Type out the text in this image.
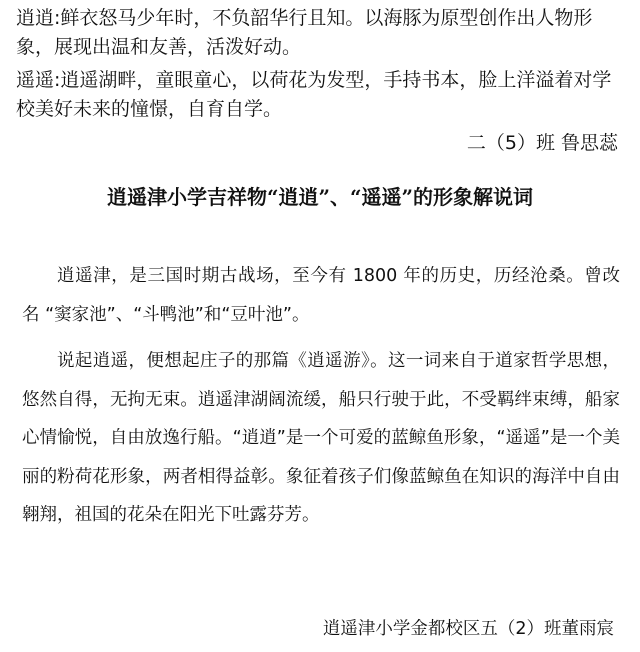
逍逍:鲜衣怒马少年时，不负韶华行且知。以海豚为原型创作出人物形象，展现出温和友善，活泼好动。
遥遥:逍遥湖畔，童眼童心，以荷花为发型，手持书本，脸上洋溢着对学校美好未来的憧憬，自育自学。
二（5）班 鲁思蕊
逍遥津小学吉祥物“逍逍”、“遥遥”的形象解说词
逍遥津，是三国时期古战场，至今有 1800 年的历史，历经沧桑。曾改名 “窦家池”、“斗鸭池”和“豆叶池”。
说起逍遥，便想起庄子的那篇《逍遥游》。这一词来自于道家哲学思想，悠然自得，无拘无束。逍遥津湖阔流缓，船只行驶于此，不受羁绊束缚，船家心情愉悦，自由放逸行船。“逍逍”是一个可爱的蓝鲸鱼形象，“遥遥”是一个美丽的粉荷花形象，两者相得益彰。象征着孩子们像蓝鲸鱼在知识的海洋中自由翱翔，祖国的花朵在阳光下吐露芬芳。
逍遥津小学金都校区五（2）班董雨宸
